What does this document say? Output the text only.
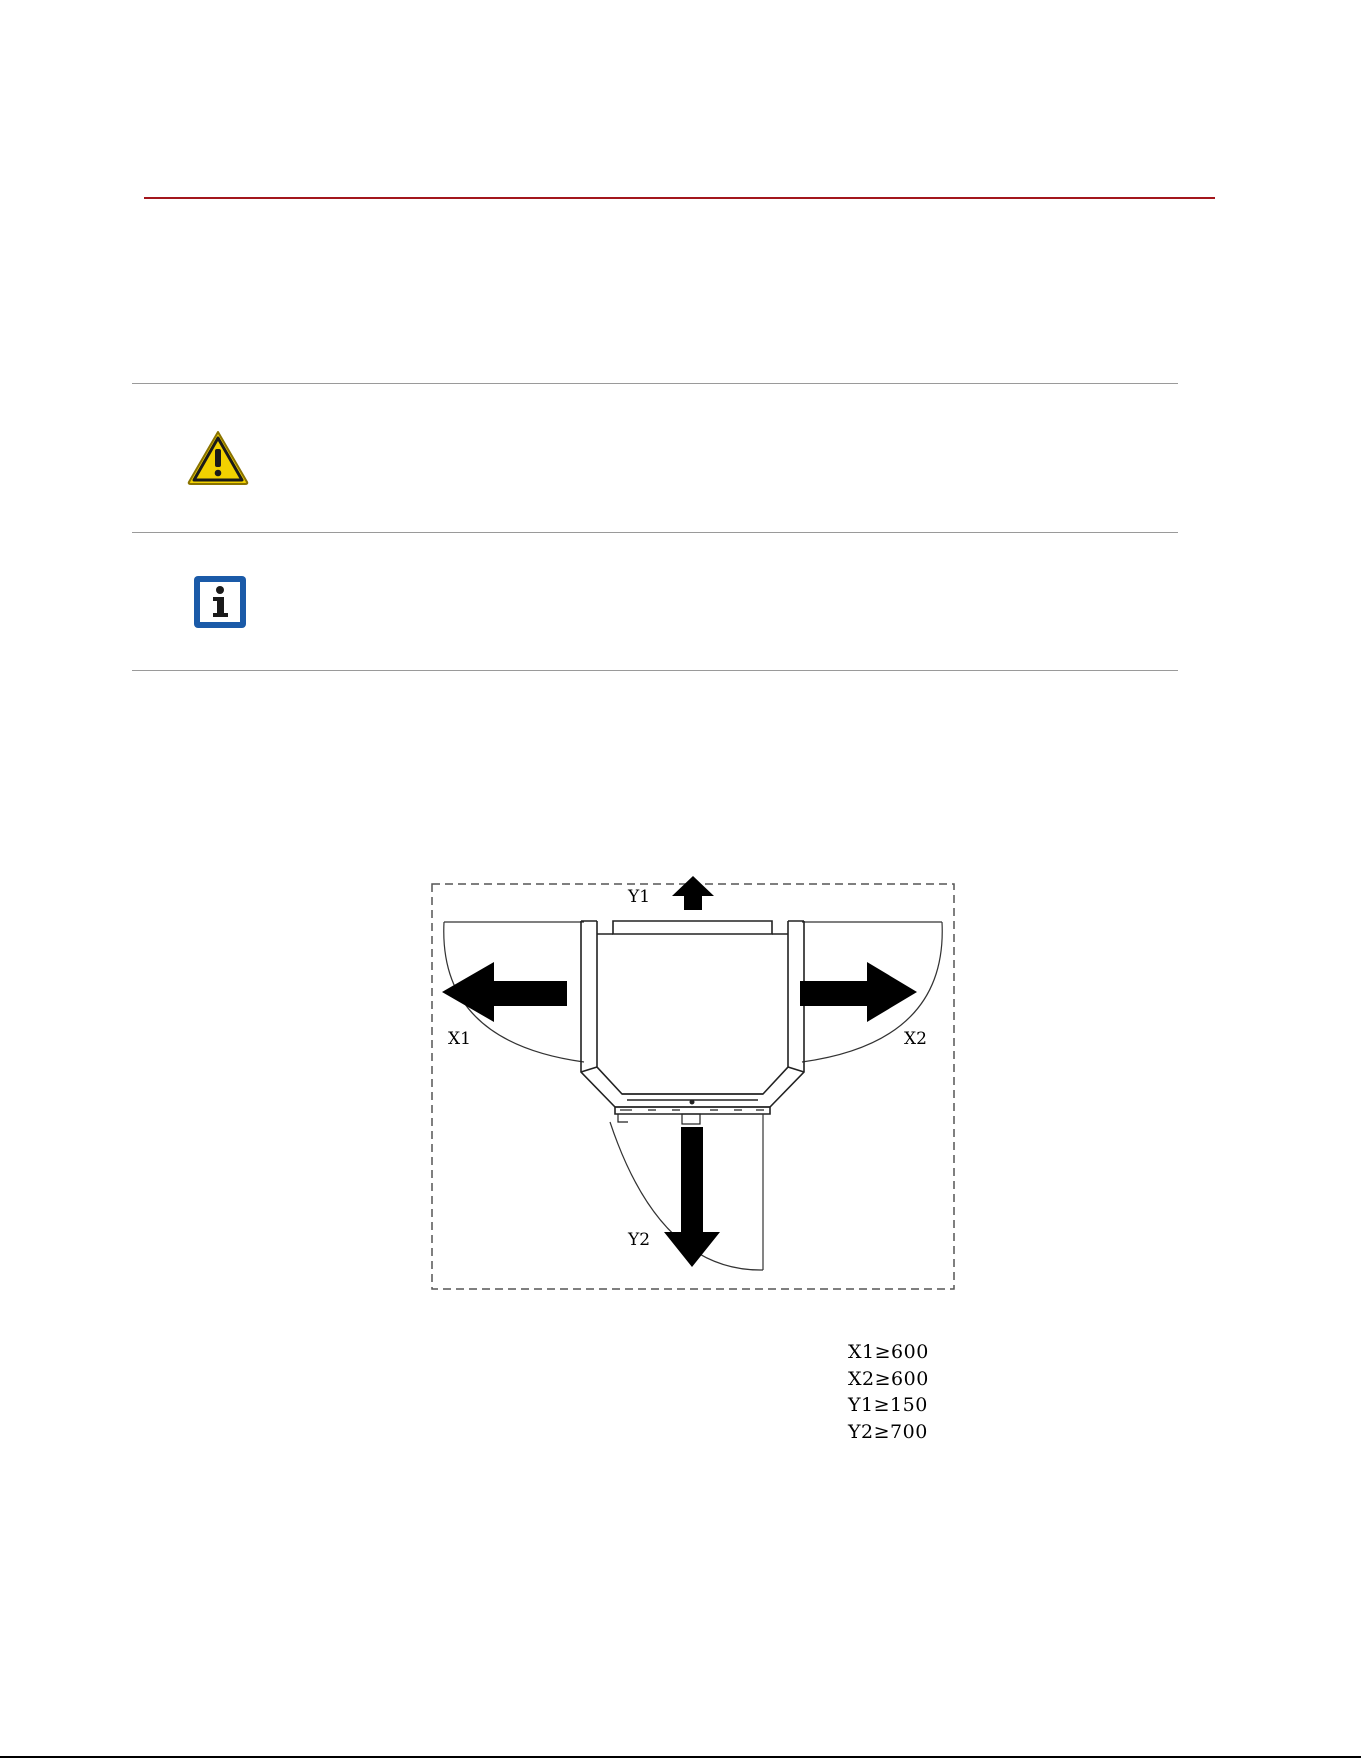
Y1
X1	X2
Y2
X1≥600
X2≥600
Y1≥150
Y2≥700
